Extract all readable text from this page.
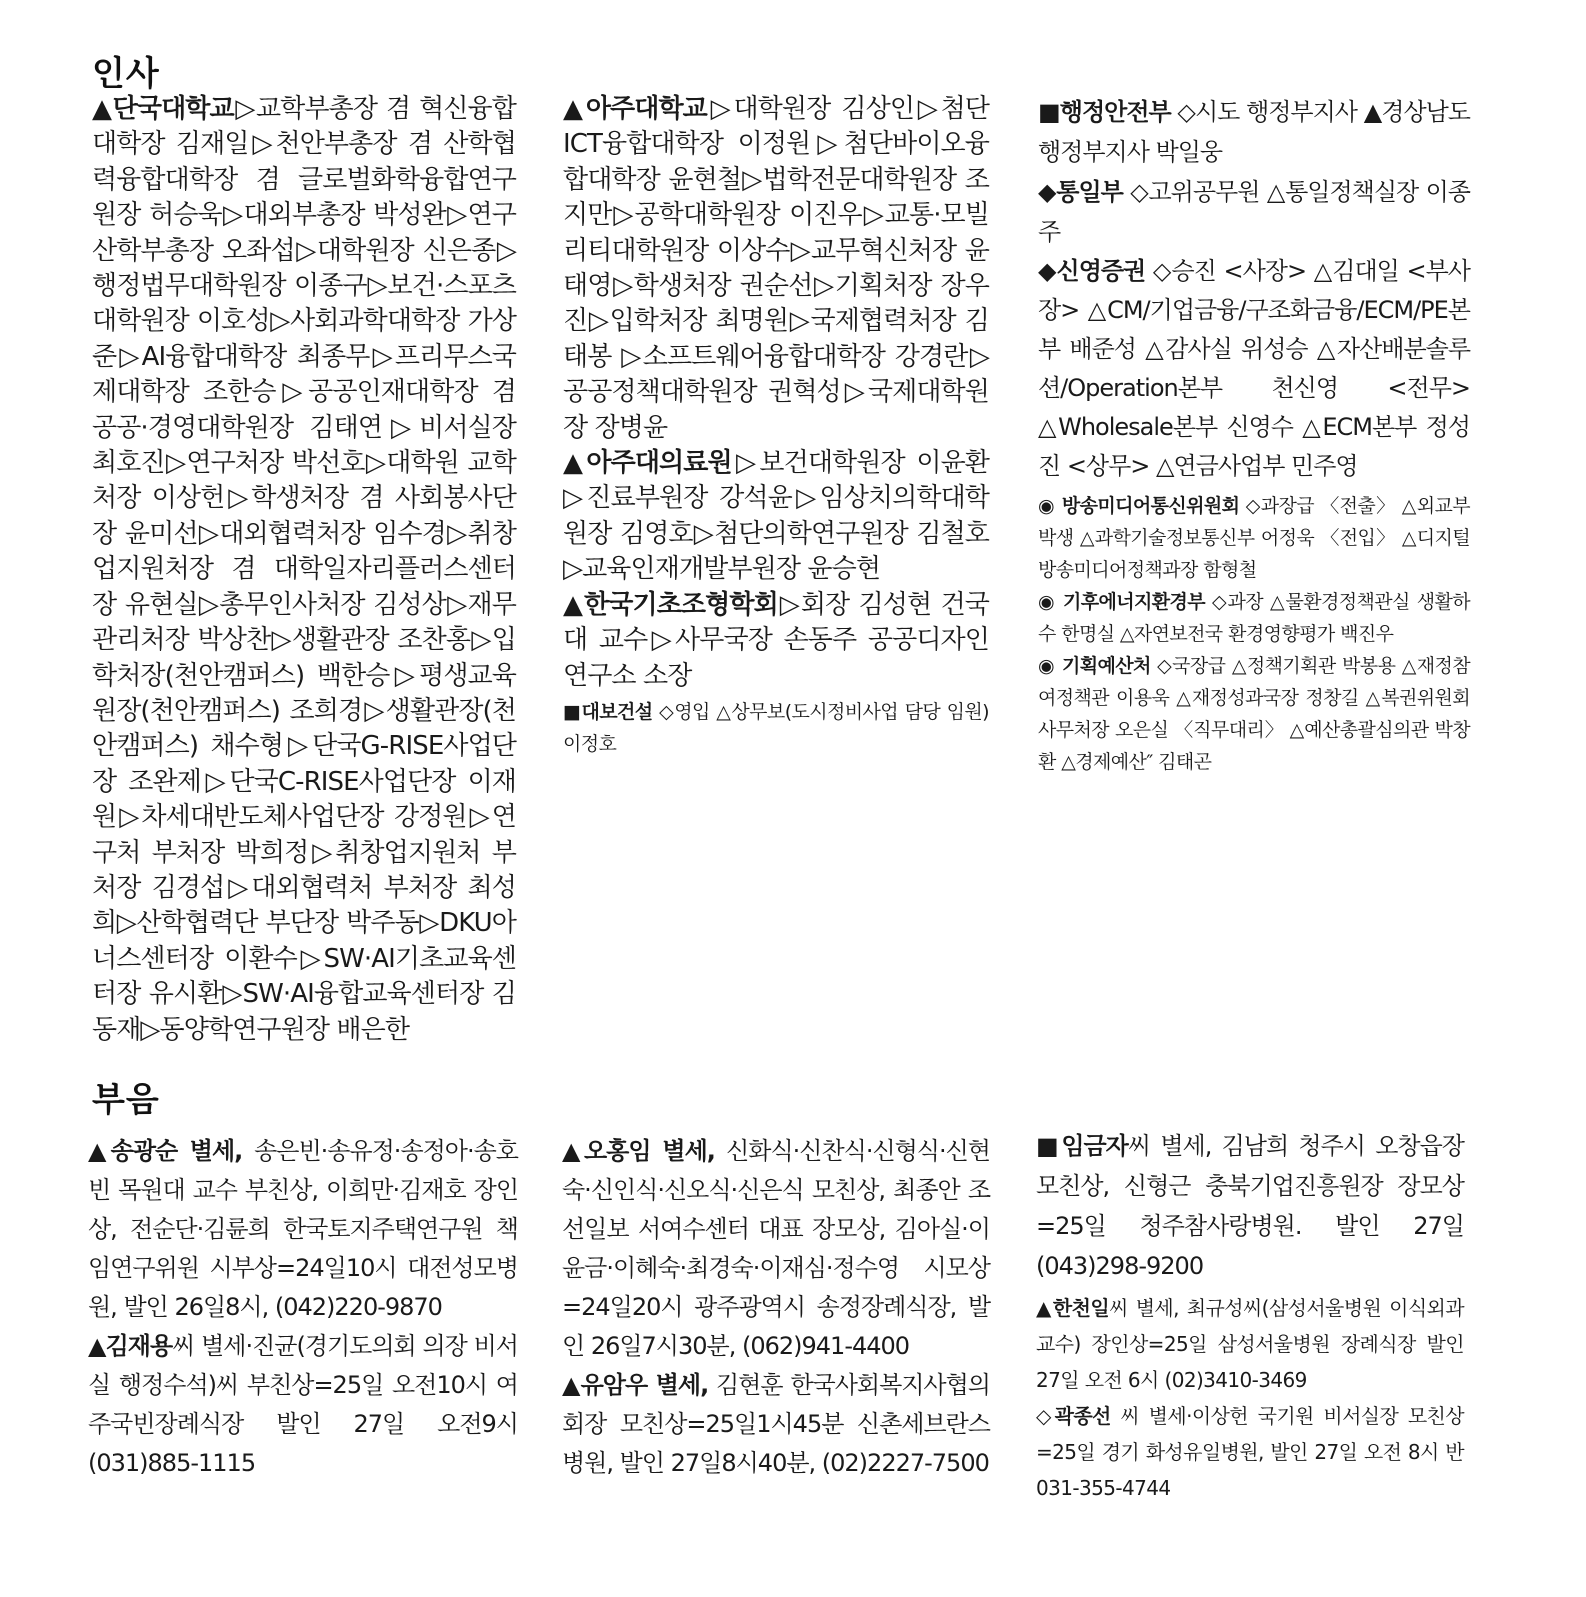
인사

▲단국대학교▷교학부총장 겸 혁신융합대학장 김재일▷천안부총장 겸 산학협력융합대학장 겸 글로벌화학융합연구원장 허승욱▷대외부총장 박성완▷연구산학부총장 오좌섭▷대학원장 신은종▷행정법무대학원장 이종구▷보건·스포츠대학원장 이호성▷사회과학대학장 가상준▷AI융합대학장 최종무▷프리무스국제대학장 조한승▷공공인재대학장 겸 공공·경영대학원장 김태연▷비서실장 최호진▷연구처장 박선호▷대학원 교학처장 이상헌▷학생처장 겸 사회봉사단장 윤미선▷대외협력처장 임수경▷취창업지원처장 겸 대학일자리플러스센터장 유현실▷총무인사처장 김성상▷재무관리처장 박상찬▷생활관장 조찬홍▷입학처장(천안캠퍼스) 백한승▷평생교육원장(천안캠퍼스) 조희경▷생활관장(천안캠퍼스) 채수형▷단국G-RISE사업단장 조완제▷단국C-RISE사업단장 이재원▷차세대반도체사업단장 강정원▷연구처 부처장 박희정▷취창업지원처 부처장 김경섭▷대외협력처 부처장 최성희▷산학협력단 부단장 박주동▷DKU아너스센터장 이환수▷SW·AI기초교육센터장 유시환▷SW·AI융합교육센터장 김동재▷동양학연구원장 배은한

▲아주대학교▷대학원장 김상인▷첨단ICT융합대학장 이정원▷첨단바이오융합대학장 윤현철▷법학전문대학원장 조지만▷공학대학원장 이진우▷교통·모빌리티대학원장 이상수▷교무혁신처장 윤태영▷학생처장 권순선▷기획처장 장우진▷입학처장 최명원▷국제협력처장 김태봉 ▷소프트웨어융합대학장 강경란▷공공정책대학원장 권혁성▷국제대학원장 장병윤

▲아주대의료원▷보건대학원장 이윤환▷진료부원장 강석윤▷임상치의학대학원장 김영호▷첨단의학연구원장 김철호▷교육인재개발부원장 윤승현

▲한국기초조형학회▷회장 김성현 건국대 교수▷사무국장 손동주 공공디자인연구소 소장

■대보건설 ◇영입 △상무보(도시정비사업 담당 임원) 이정호

■행정안전부 ◇시도 행정부지사 ▲경상남도 행정부지사 박일웅

◆통일부 ◇고위공무원 △통일정책실장 이종주

◆신영증권 ◇승진 <사장> △김대일 <부사장> △CM/기업금융/구조화금융/ECM/PE본부 배준성 △감사실 위성승 △자산배분솔루션/Operation본부 천신영 <전무> △Wholesale본부 신영수 △ECM본부 정성진 <상무> △연금사업부 민주영

◉ 방송미디어통신위원회 ◇과장급 〈전출〉 △외교부 박생 △과학기술정보통신부 어정욱 〈전입〉 △디지털방송미디어정책과장 함형철

◉ 기후에너지환경부 ◇과장 △물환경정책관실 생활하수 한명실 △자연보전국 환경영향평가 백진우

◉ 기획예산처 ◇국장급 △정책기획관 박봉용 △재정참여정책관 이용욱 △재정성과국장 정창길 △복권위원회사무처장 오은실 〈직무대리〉 △예산총괄심의관 박창환 △경제예산″ 김태곤

부음

▲송광순 별세, 송은빈·송유정·송정아·송호빈 목원대 교수 부친상, 이희만·김재호 장인상, 전순단·김륜희 한국토지주택연구원 책임연구위원 시부상=24일10시 대전성모병원, 발인 26일8시, (042)220-9870

▲김재용씨 별세·진균(경기도의회 의장 비서실 행정수석)씨 부친상=25일 오전10시 여주국빈장례식장 발인 27일 오전9시 (031)885-1115

▲오홍임 별세, 신화식·신찬식·신형식·신현숙·신인식·신오식·신은식 모친상, 최종안 조선일보 서여수센터 대표 장모상, 김아실·이윤금·이혜숙·최경숙·이재심·정수영 시모상=24일20시 광주광역시 송정장례식장, 발인 26일7시30분, (062)941-4400

▲유암우 별세, 김현훈 한국사회복지사협의회장 모친상=25일1시45분 신촌세브란스병원, 발인 27일8시40분, (02)2227-7500

■임금자씨 별세, 김남희 청주시 오창읍장 모친상, 신형근 충북기업진흥원장 장모상=25일 청주참사랑병원. 발인 27일 (043)298-9200

▲한천일씨 별세, 최규성씨(삼성서울병원 이식외과 교수) 장인상=25일 삼성서울병원 장례식장 발인 27일 오전 6시 (02)3410-3469

◇곽종선 씨 별세·이상헌 국기원 비서실장 모친상=25일 경기 화성유일병원, 발인 27일 오전 8시 반 031-355-4744
